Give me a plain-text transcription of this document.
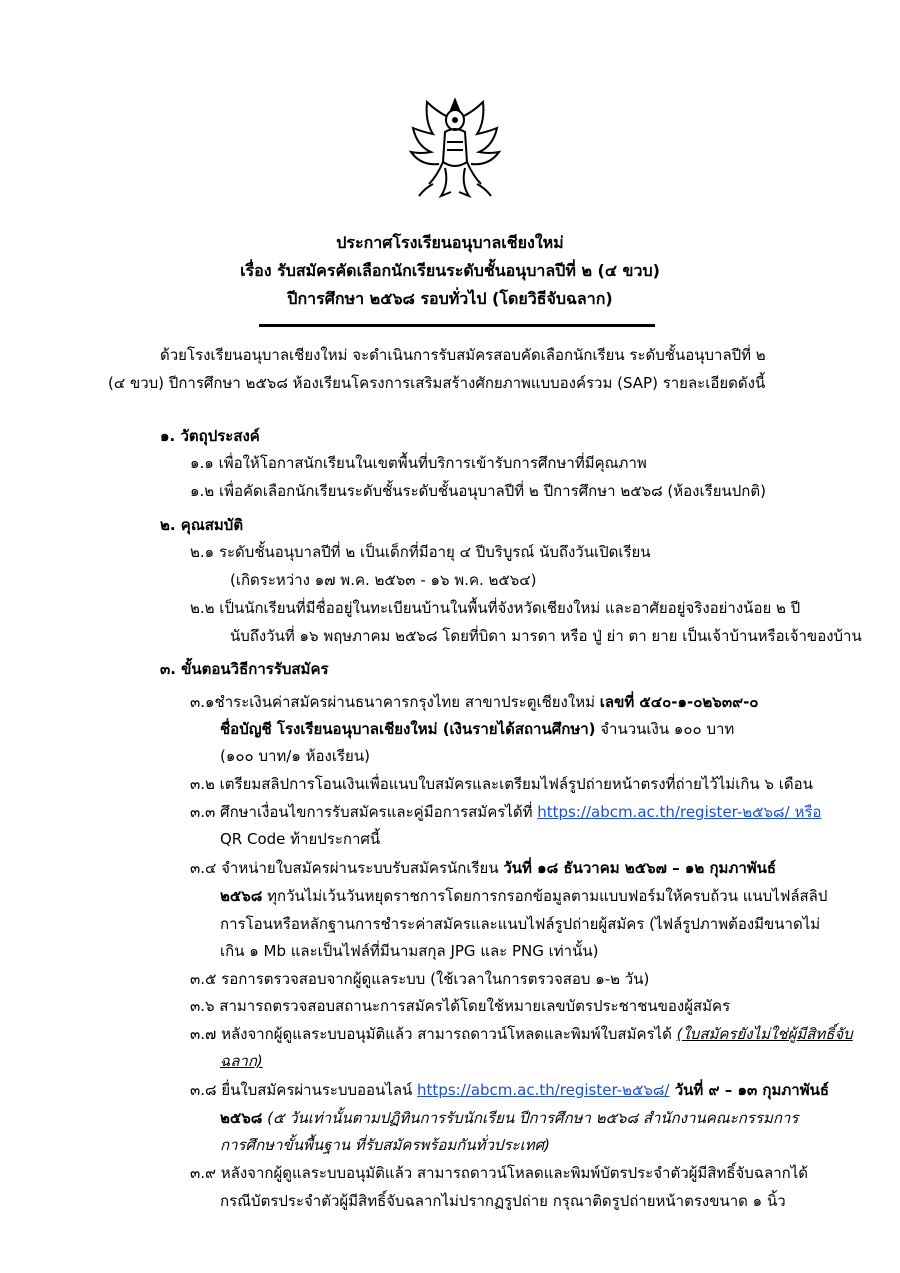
ประกาศโรงเรียนอนุบาลเชียงใหม่
เรื่อง รับสมัครคัดเลือกนักเรียนระดับชั้นอนุบาลปีที่ ๒ (๔ ขวบ)
ปีการศึกษา ๒๕๖๘ รอบทั่วไป (โดยวิธีจับฉลาก)
ด้วยโรงเรียนอนุบาลเชียงใหม่ จะดำเนินการรับสมัครสอบคัดเลือกนักเรียน ระดับชั้นอนุบาลปีที่ ๒
(๔ ขวบ) ปีการศึกษา ๒๕๖๘ ห้องเรียนโครงการเสริมสร้างศักยภาพแบบองค์รวม (SAP) รายละเอียดดังนี้
๑. วัตถุประสงค์
๑.๑ เพื่อให้โอกาสนักเรียนในเขตพื้นที่บริการเข้ารับการศึกษาที่มีคุณภาพ
๑.๒ เพื่อคัดเลือกนักเรียนระดับชั้นระดับชั้นอนุบาลปีที่ ๒ ปีการศึกษา ๒๕๖๘ (ห้องเรียนปกติ)
๒. คุณสมบัติ
๒.๑ ระดับชั้นอนุบาลปีที่ ๒ เป็นเด็กที่มีอายุ ๔ ปีบริบูรณ์ นับถึงวันเปิดเรียน
(เกิดระหว่าง ๑๗ พ.ค. ๒๕๖๓ - ๑๖ พ.ค. ๒๕๖๔)
๒.๒ เป็นนักเรียนที่มีชื่ออยู่ในทะเบียนบ้านในพื้นที่จังหวัดเชียงใหม่ และอาศัยอยู่จริงอย่างน้อย ๒ ปี
นับถึงวันที่ ๑๖ พฤษภาคม ๒๕๖๘ โดยที่บิดา มารดา หรือ ปู่ ย่า ตา ยาย เป็นเจ้าบ้านหรือเจ้าของบ้าน
๓. ขั้นตอนวิธีการรับสมัคร
๓.๑ชำระเงินค่าสมัครผ่านธนาคารกรุงไทย สาขาประตูเชียงใหม่ เลขที่ ๕๔๐-๑-๐๒๖๓๙-๐
ชื่อบัญชี โรงเรียนอนุบาลเชียงใหม่ (เงินรายได้สถานศึกษา) จำนวนเงิน ๑๐๐ บาท
(๑๐๐ บาท/๑ ห้องเรียน)
๓.๒ เตรียมสลิปการโอนเงินเพื่อแนบใบสมัครและเตรียมไฟล์รูปถ่ายหน้าตรงที่ถ่ายไว้ไม่เกิน ๖ เดือน
๓.๓ ศึกษาเงื่อนไขการรับสมัครและคู่มือการสมัครได้ที่ https://abcm.ac.th/register-๒๕๖๘/ หรือ
QR Code ท้ายประกาศนี้
๓.๔ จำหน่ายใบสมัครผ่านระบบรับสมัครนักเรียน วันที่ ๑๘ ธันวาคม ๒๕๖๗ – ๑๒ กุมภาพันธ์
๒๕๖๘ ทุกวันไม่เว้นวันหยุดราชการโดยการกรอกข้อมูลตามแบบฟอร์มให้ครบถ้วน แนบไฟล์สลิป
การโอนหรือหลักฐานการชำระค่าสมัครและแนบไฟล์รูปถ่ายผู้สมัคร (ไฟล์รูปภาพต้องมีขนาดไม่
เกิน ๑ Mb และเป็นไฟล์ที่มีนามสกุล JPG และ PNG เท่านั้น)
๓.๕ รอการตรวจสอบจากผู้ดูแลระบบ (ใช้เวลาในการตรวจสอบ ๑-๒ วัน)
๓.๖ สามารถตรวจสอบสถานะการสมัครได้โดยใช้หมายเลขบัตรประชาชนของผู้สมัคร
๓.๗ หลังจากผู้ดูแลระบบอนุมัติแล้ว สามารถดาวน์โหลดและพิมพ์ใบสมัครได้ (ใบสมัครยังไม่ใช่ผู้มีสิทธิ์จับ
ฉลาก)
๓.๘ ยื่นใบสมัครผ่านระบบออนไลน์ https://abcm.ac.th/register-๒๕๖๘/ วันที่ ๙ – ๑๓ กุมภาพันธ์
๒๕๖๘ (๕ วันเท่านั้นตามปฏิทินการรับนักเรียน ปีการศึกษา ๒๕๖๘ สำนักงานคณะกรรมการ
การศึกษาขั้นพื้นฐาน ที่รับสมัครพร้อมกันทั่วประเทศ)
๓.๙ หลังจากผู้ดูแลระบบอนุมัติแล้ว สามารถดาวน์โหลดและพิมพ์บัตรประจำตัวผู้มีสิทธิ์จับฉลากได้
กรณีบัตรประจำตัวผู้มีสิทธิ์จับฉลากไม่ปรากฏรูปถ่าย กรุณาติดรูปถ่ายหน้าตรงขนาด ๑ นิ้ว
